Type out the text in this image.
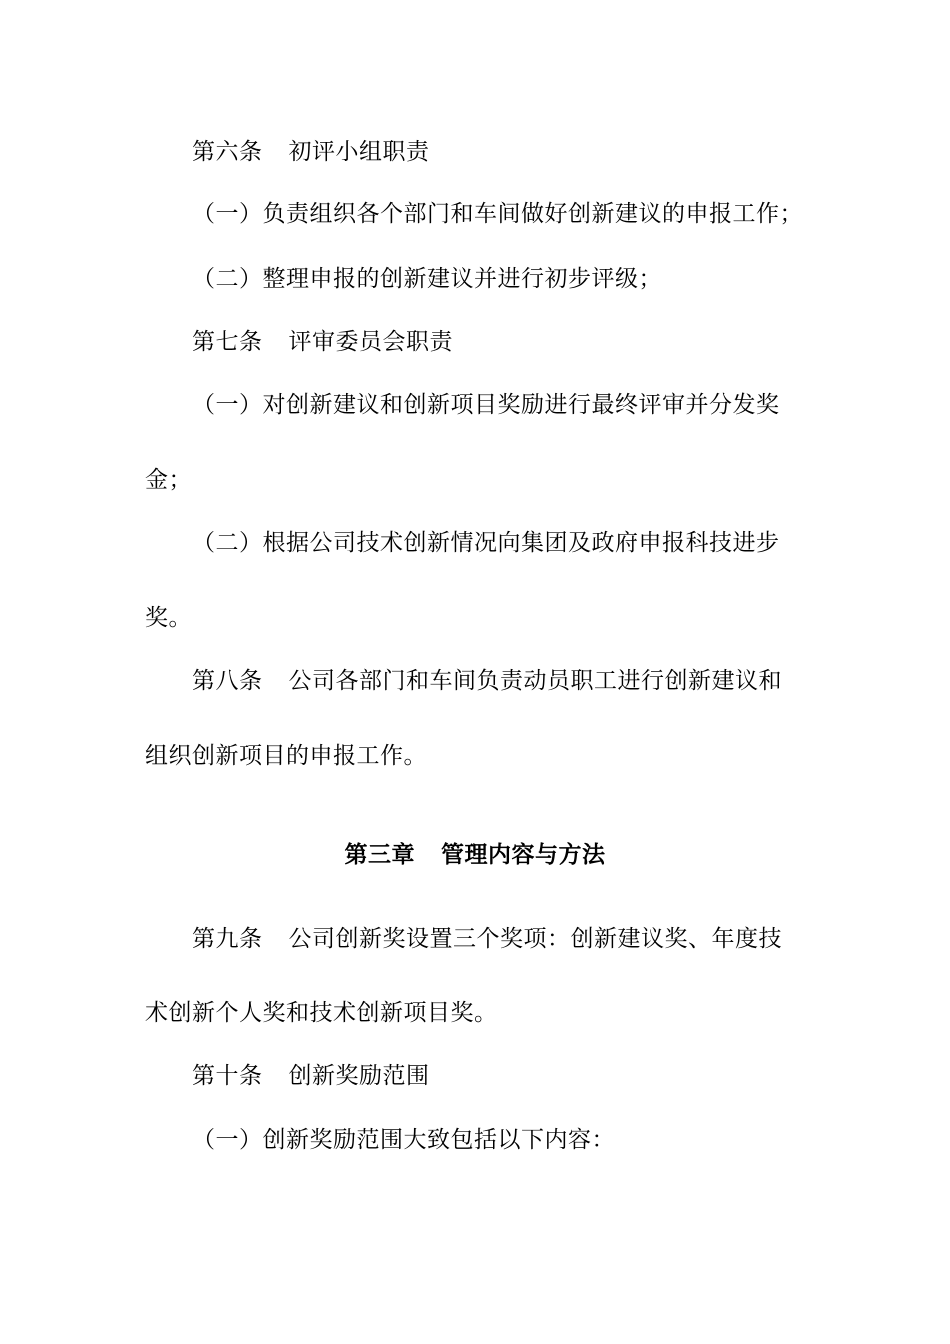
第六条 初评小组职责
（一）负责组织各个部门和车间做好创新建议的申报工作；
（二）整理申报的创新建议并进行初步评级；
第七条 评审委员会职责
（一）对创新建议和创新项目奖励进行最终评审并分发奖
金；
（二）根据公司技术创新情况向集团及政府申报科技进步
奖。
第八条 公司各部门和车间负责动员职工进行创新建议和
组织创新项目的申报工作。
第三章 管理内容与方法
第九条 公司创新奖设置三个奖项：创新建议奖、年度技
术创新个人奖和技术创新项目奖。
第十条 创新奖励范围
（一）创新奖励范围大致包括以下内容：
